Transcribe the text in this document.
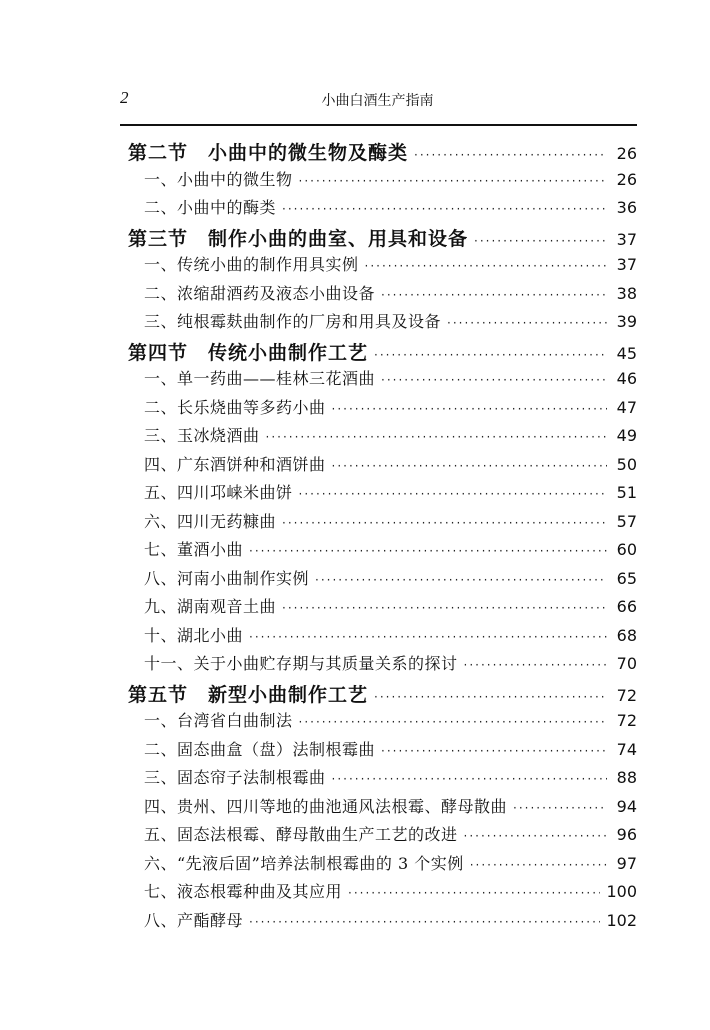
2	小曲白酒生产指南
第二节　小曲中的微生物及酶类 ·····	26
一、小曲中的微生物 ·····	26
二、小曲中的酶类 ·····	36
第三节　制作小曲的曲室、用具和设备 ·····	37
一、传统小曲的制作用具实例 ·····	37
二、浓缩甜酒药及液态小曲设备 ·····	38
三、纯根霉麸曲制作的厂房和用具及设备 ·····	39
第四节　传统小曲制作工艺 ·····	45
一、单一药曲——桂林三花酒曲 ·····	46
二、长乐烧曲等多药小曲 ·····	47
三、玉冰烧酒曲 ·····	49
四、广东酒饼种和酒饼曲 ·····	50
五、四川邛崃米曲饼 ·····	51
六、四川无药糠曲 ·····	57
七、董酒小曲 ·····	60
八、河南小曲制作实例 ·····	65
九、湖南观音土曲 ·····	66
十、湖北小曲 ·····	68
十一、关于小曲贮存期与其质量关系的探讨 ·····	70
第五节　新型小曲制作工艺 ·····	72
一、台湾省白曲制法 ·····	72
二、固态曲盒（盘）法制根霉曲 ·····	74
三、固态帘子法制根霉曲 ·····	88
四、贵州、四川等地的曲池通风法根霉、酵母散曲 ·····	94
五、固态法根霉、酵母散曲生产工艺的改进 ·····	96
六、“先液后固”培养法制根霉曲的 3 个实例 ·····	97
七、液态根霉种曲及其应用 ·····	100
八、产酯酵母 ·····	102
